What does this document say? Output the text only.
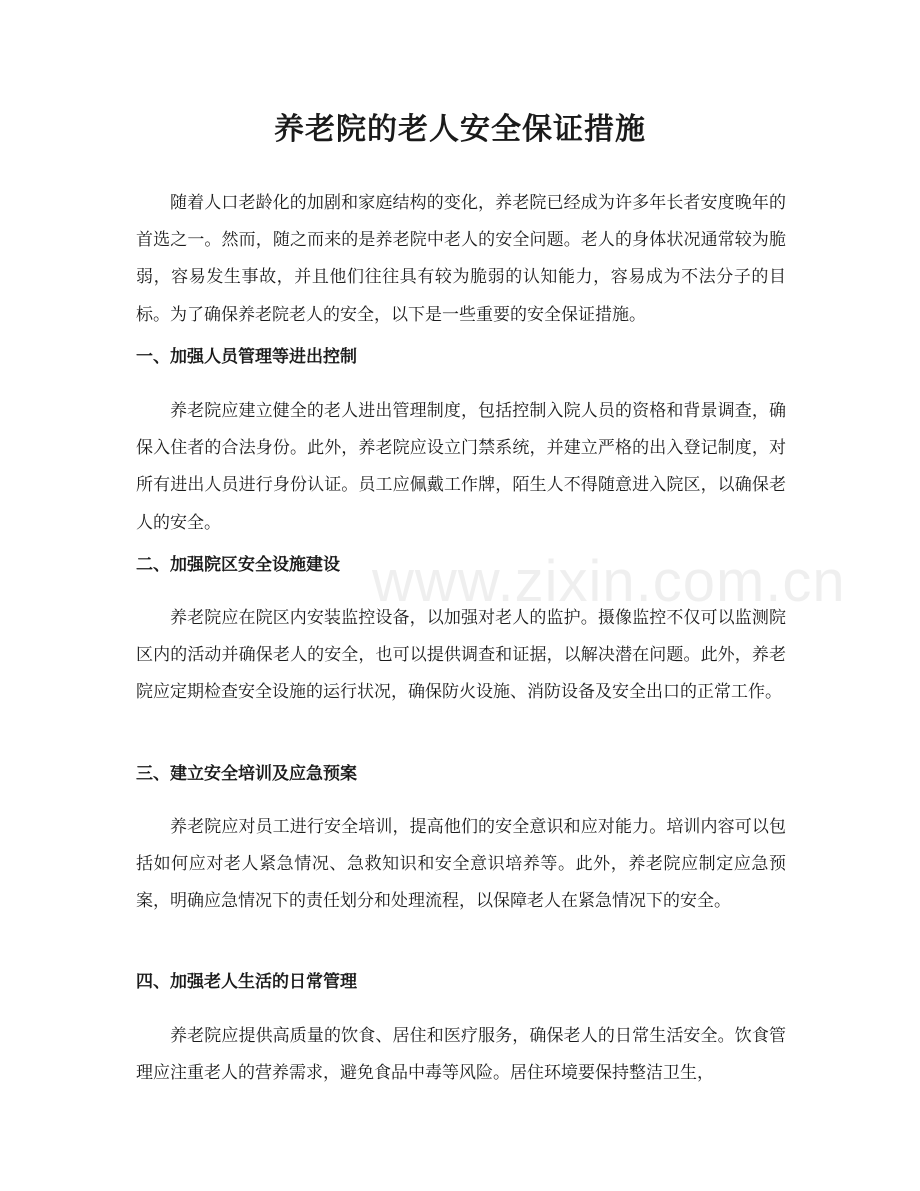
养老院的老人安全保证措施

随着人口老龄化的加剧和家庭结构的变化，养老院已经成为许多年长者安度晚年的首选之一。然而，随之而来的是养老院中老人的安全问题。老人的身体状况通常较为脆弱，容易发生事故，并且他们往往具有较为脆弱的认知能力，容易成为不法分子的目标。为了确保养老院老人的安全，以下是一些重要的安全保证措施。

一、加强人员管理等进出控制

养老院应建立健全的老人进出管理制度，包括控制入院人员的资格和背景调查，确保入住者的合法身份。此外，养老院应设立门禁系统，并建立严格的出入登记制度，对所有进出人员进行身份认证。员工应佩戴工作牌，陌生人不得随意进入院区，以确保老人的安全。

二、加强院区安全设施建设

养老院应在院区内安装监控设备，以加强对老人的监护。摄像监控不仅可以监测院区内的活动并确保老人的安全，也可以提供调查和证据，以解决潜在问题。此外，养老院应定期检查安全设施的运行状况，确保防火设施、消防设备及安全出口的正常工作。

三、建立安全培训及应急预案

养老院应对员工进行安全培训，提高他们的安全意识和应对能力。培训内容可以包括如何应对老人紧急情况、急救知识和安全意识培养等。此外，养老院应制定应急预案，明确应急情况下的责任划分和处理流程，以保障老人在紧急情况下的安全。

四、加强老人生活的日常管理

养老院应提供高质量的饮食、居住和医疗服务，确保老人的日常生活安全。饮食管理应注重老人的营养需求，避免食品中毒等风险。居住环境要保持整洁卫生，

www.zixin.com.cn
